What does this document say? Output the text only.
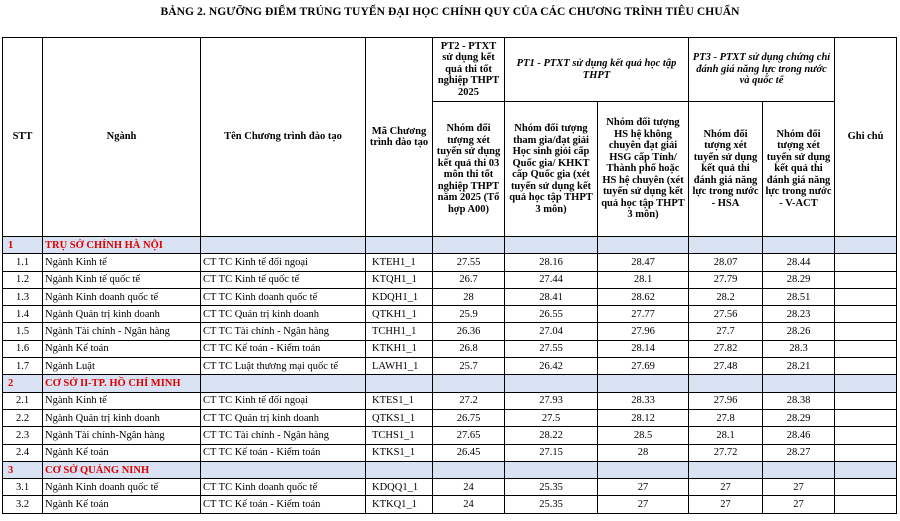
BẢNG 2. NGƯỠNG ĐIỂM TRÚNG TUYỂN ĐẠI HỌC CHÍNH QUY CỦA CÁC CHƯƠNG TRÌNH TIÊU CHUẨN
STT	Ngành	Tên Chương trình đào tạo	Mã Chương trình đào tạo	PT2 - PTXT sử dụng kết quả thi tốt nghiệp THPT 2025	PT1 - PTXT sử dụng kết quả học tập THPT		PT3 - PTXT sử dụng chứng chỉ đánh giá năng lực trong nước và quốc tế		Ghi chú
				Nhóm đối tượng xét tuyển sử dụng kết quả thi 03 môn thi tốt nghiệp THPT năm 2025 (Tổ hợp A00)	Nhóm đối tượng tham gia/đạt giải Học sinh giỏi cấp Quốc gia/ KHKT cấp Quốc gia (xét tuyển sử dụng kết quả học tập THPT 3 môn)	Nhóm đối tượng HS hệ không chuyên đạt giải HSG cấp Tỉnh/ Thành phố hoặc HS hệ chuyên (xét tuyển sử dụng kết quả học tập THPT 3 môn)	Nhóm đối tượng xét tuyển sử dụng kết quả thi đánh giá năng lực trong nước - HSA	Nhóm đối tượng xét tuyển sử dụng kết quả thi đánh giá năng lực trong nước - V-ACT	
1	TRỤ SỞ CHÍNH HÀ NỘI								
1.1	Ngành Kinh tế	CT TC Kinh tế đối ngoại	KTEH1_1	27.55	28.16	28.47	28.07	28.44	
1.2	Ngành Kinh tế quốc tế	CT TC Kinh tế quốc tế	KTQH1_1	26.7	27.44	28.1	27.79	28.29	
1.3	Ngành Kinh doanh quốc tế	CT TC Kinh doanh quốc tế	KDQH1_1	28	28.41	28.62	28.2	28.51	
1.4	Ngành Quản trị kinh doanh	CT TC Quản trị kinh doanh	QTKH1_1	25.9	26.55	27.77	27.56	28.23	
1.5	Ngành Tài chính - Ngân hàng	CT TC Tài chính - Ngân hàng	TCHH1_1	26.36	27.04	27.96	27.7	28.26	
1.6	Ngành Kế toán	CT TC Kế toán - Kiểm toán	KTKH1_1	26.8	27.55	28.14	27.82	28.3	
1.7	Ngành Luật	CT TC Luật thương mại quốc tế	LAWH1_1	25.7	26.42	27.69	27.48	28.21	
2	CƠ SỞ II-TP. HỒ CHÍ MINH								
2.1	Ngành Kinh tế	CT TC Kinh tế đối ngoại	KTES1_1	27.2	27.93	28.33	27.96	28.38	
2.2	Ngành Quản trị kinh doanh	CT TC Quản trị kinh doanh	QTKS1_1	26.75	27.5	28.12	27.8	28.29	
2.3	Ngành Tài chính-Ngân hàng	CT TC Tài chính - Ngân hàng	TCHS1_1	27.65	28.22	28.5	28.1	28.46	
2.4	Ngành Kế toán	CT TC Kế toán - Kiểm toán	KTKS1_1	26.45	27.15	28	27.72	28.27	
3	CƠ SỞ QUẢNG NINH								
3.1	Ngành Kinh doanh quốc tế	CT TC Kinh doanh quốc tế	KDQQ1_1	24	25.35	27	27	27	
3.2	Ngành Kế toán	CT TC Kế toán - Kiểm toán	KTKQ1_1	24	25.35	27	27	27	
